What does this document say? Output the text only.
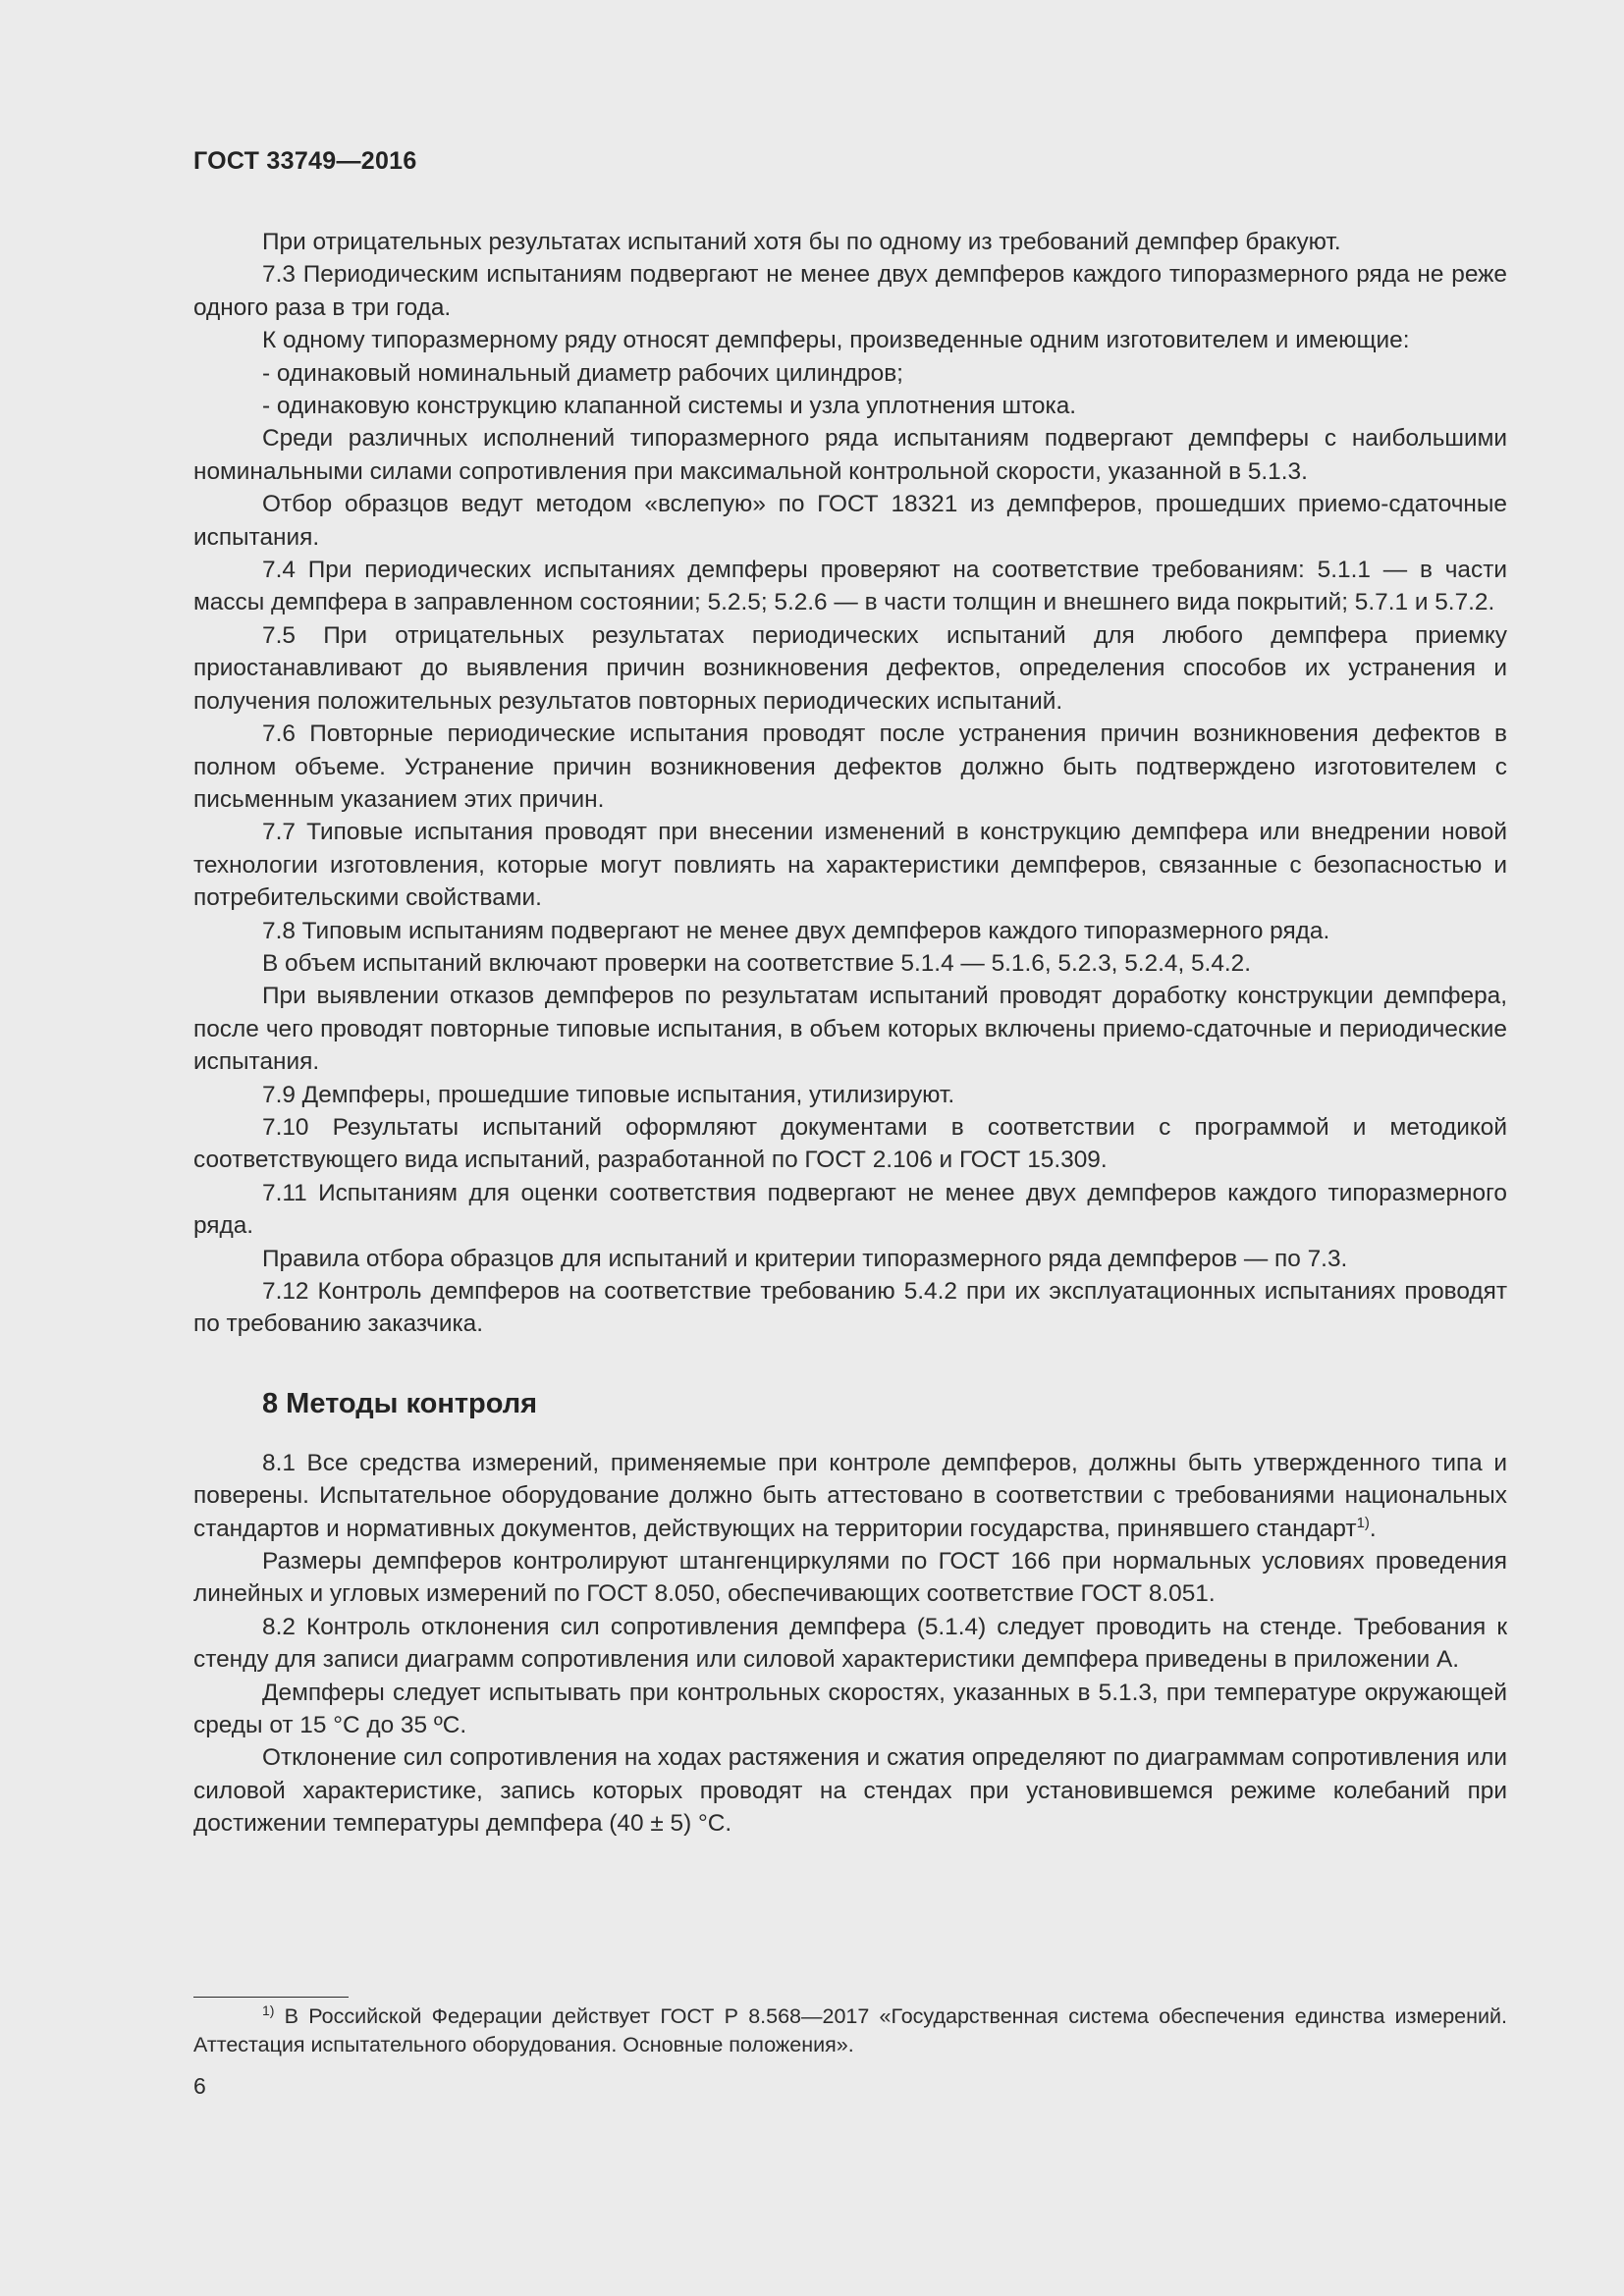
ГОСТ 33749—2016

При отрицательных результатах испытаний хотя бы по одному из требований демпфер бракуют.

7.3 Периодическим испытаниям подвергают не менее двух демпферов каждого типоразмерного ряда не реже одного раза в три года.

К одному типоразмерному ряду относят демпферы, произведенные одним изготовителем и имеющие:

- одинаковый номинальный диаметр рабочих цилиндров;

- одинаковую конструкцию клапанной системы и узла уплотнения штока.

Среди различных исполнений типоразмерного ряда испытаниям подвергают демпферы с наибольшими номинальными силами сопротивления при максимальной контрольной скорости, указанной в 5.1.3.

Отбор образцов ведут методом «вслепую» по ГОСТ 18321 из демпферов, прошедших приемо-сдаточные испытания.

7.4 При периодических испытаниях демпферы проверяют на соответствие требованиям: 5.1.1 — в части массы демпфера в заправленном состоянии; 5.2.5; 5.2.6 — в части толщин и внешнего вида покрытий; 5.7.1 и 5.7.2.

7.5 При отрицательных результатах периодических испытаний для любого демпфера приемку приостанавливают до выявления причин возникновения дефектов, определения способов их устранения и получения положительных результатов повторных периодических испытаний.

7.6 Повторные периодические испытания проводят после устранения причин возникновения дефектов в полном объеме. Устранение причин возникновения дефектов должно быть подтверждено изготовителем с письменным указанием этих причин.

7.7 Типовые испытания проводят при внесении изменений в конструкцию демпфера или внедрении новой технологии изготовления, которые могут повлиять на характеристики демпферов, связанные с безопасностью и потребительскими свойствами.

7.8 Типовым испытаниям подвергают не менее двух демпферов каждого типоразмерного ряда.

В объем испытаний включают проверки на соответствие 5.1.4 — 5.1.6, 5.2.3, 5.2.4, 5.4.2.

При выявлении отказов демпферов по результатам испытаний проводят доработку конструкции демпфера, после чего проводят повторные типовые испытания, в объем которых включены приемо-сдаточные и периодические испытания.

7.9 Демпферы, прошедшие типовые испытания, утилизируют.

7.10 Результаты испытаний оформляют документами в соответствии с программой и методикой соответствующего вида испытаний, разработанной по ГОСТ 2.106 и ГОСТ 15.309.

7.11 Испытаниям для оценки соответствия подвергают не менее двух демпферов каждого типоразмерного ряда.

Правила отбора образцов для испытаний и критерии типоразмерного ряда демпферов — по 7.3.

7.12 Контроль демпферов на соответствие требованию 5.4.2 при их эксплуатационных испытаниях проводят по требованию заказчика.

8 Методы контроля

8.1 Все средства измерений, применяемые при контроле демпферов, должны быть утвержденного типа и поверены. Испытательное оборудование должно быть аттестовано в соответствии с требованиями национальных стандартов и нормативных документов, действующих на территории государства, принявшего стандарт$^{1)}$.

Размеры демпферов контролируют штангенциркулями по ГОСТ 166 при нормальных условиях проведения линейных и угловых измерений по ГОСТ 8.050, обеспечивающих соответствие ГОСТ 8.051.

8.2 Контроль отклонения сил сопротивления демпфера (5.1.4) следует проводить на стенде. Требования к стенду для записи диаграмм сопротивления или силовой характеристики демпфера приведены в приложении А.

Демпферы следует испытывать при контрольных скоростях, указанных в 5.1.3, при температуре окружающей среды от 15 °С до 35 ºС.

Отклонение сил сопротивления на ходах растяжения и сжатия определяют по диаграммам сопротивления или силовой характеристике, запись которых проводят на стендах при установившемся режиме колебаний при достижении температуры демпфера (40 ± 5) °С.

$^{1)}$ В Российской Федерации действует ГОСТ Р 8.568—2017 «Государственная система обеспечения единства измерений. Аттестация испытательного оборудования. Основные положения».

6
